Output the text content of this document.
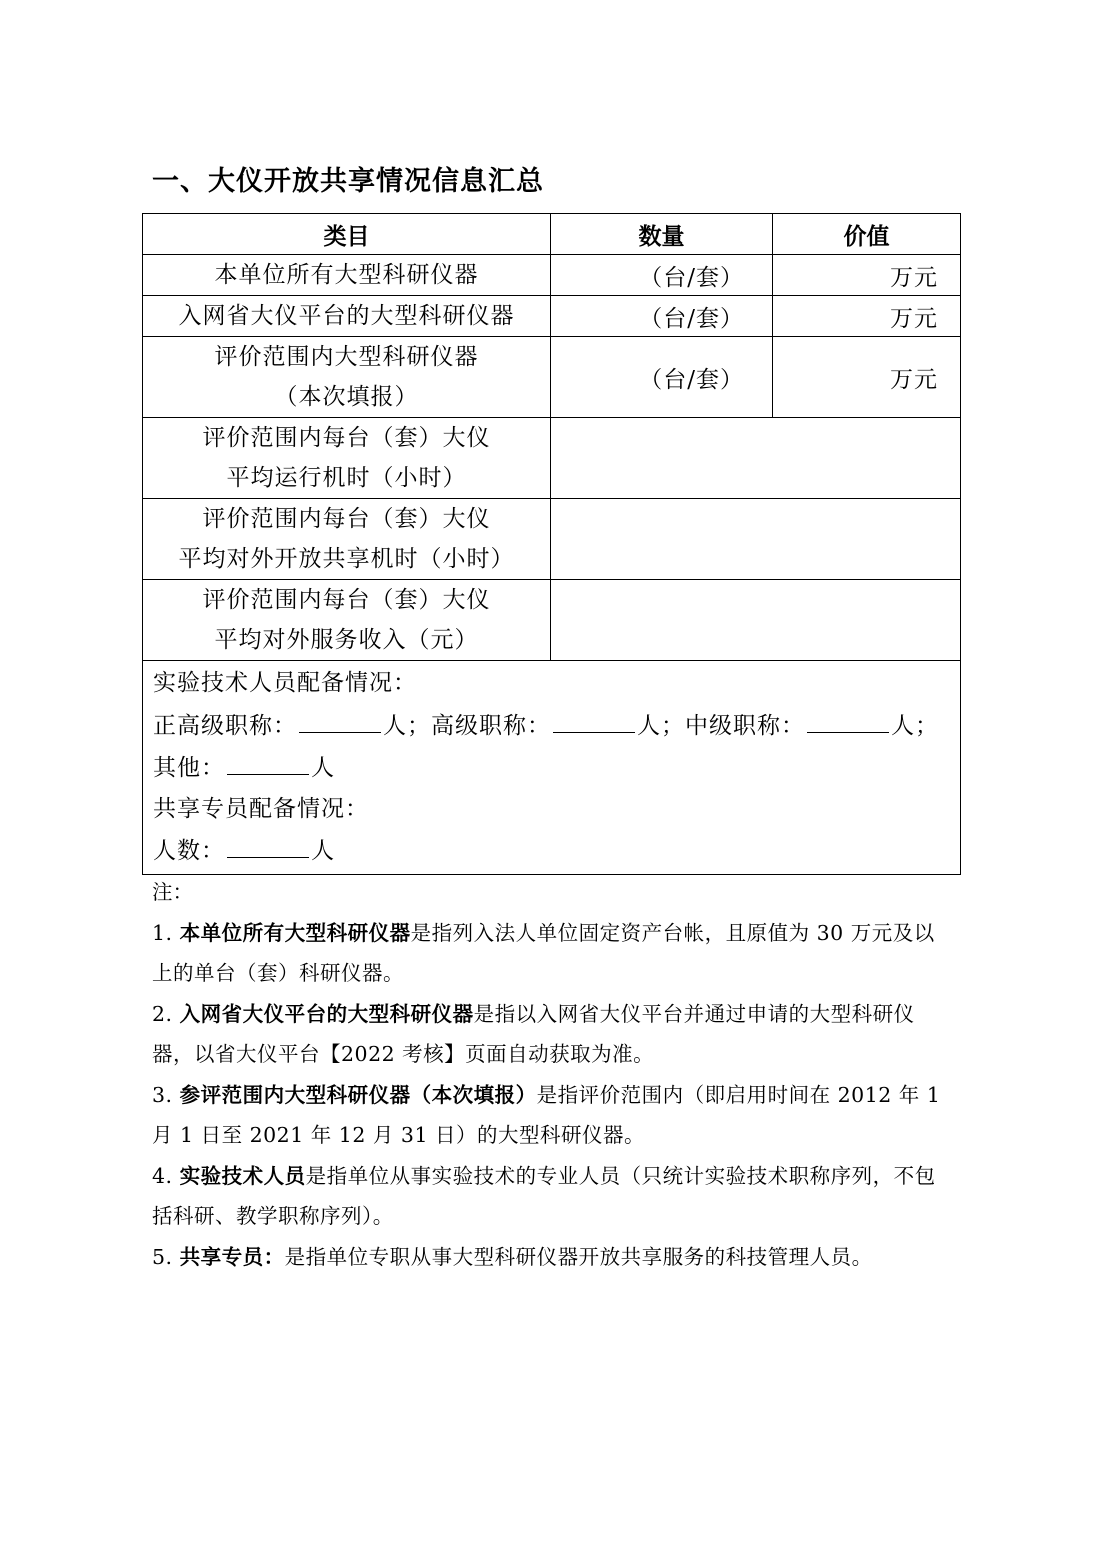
一、大仪开放共享情况信息汇总
类目	数量	价值
本单位所有大型科研仪器	（台/套）	万元
入网省大仪平台的大型科研仪器	（台/套）	万元
评价范围内大型科研仪器
（本次填报）	（台/套）	万元
评价范围内每台（套）大仪
平均运行机时（小时）		
评价范围内每台（套）大仪
平均对外开放共享机时（小时）		
评价范围内每台（套）大仪
平均对外服务收入（元）		

实验技术人员配备情况：
正高级职称： 人；高级职称： 人；中级职称： 人；
其他： 人
共享专员配备情况：
人数： 人		
注：

1. 本单位所有大型科研仪器是指列入法人单位固定资产台帐，且原值为 30 万元及以上的单台（套）科研仪器。

2. 入网省大仪平台的大型科研仪器是指以入网省大仪平台并通过申请的大型科研仪器，以省大仪平台【2022 考核】页面自动获取为准。

3. 参评范围内大型科研仪器（本次填报）是指评价范围内（即启用时间在 2012 年 1 月 1 日至 2021 年 12 月 31 日）的大型科研仪器。

4. 实验技术人员是指单位从事实验技术的专业人员（只统计实验技术职称序列，不包括科研、教学职称序列）。

5. 共享专员：是指单位专职从事大型科研仪器开放共享服务的科技管理人员。
